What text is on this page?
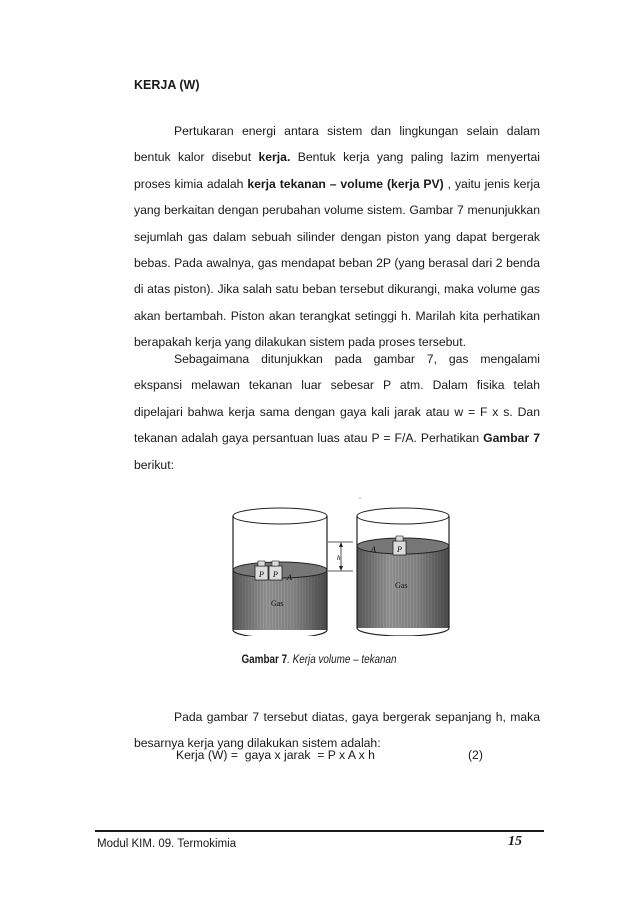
KERJA (W)

Pertukaran energi antara sistem dan lingkungan selain dalam bentuk kalor disebut kerja. Bentuk kerja yang paling lazim menyertai proses kimia adalah kerja tekanan – volume (kerja PV) , yaitu jenis kerja yang berkaitan dengan perubahan volume sistem. Gambar 7 menunjukkan sejumlah gas dalam sebuah silinder dengan piston yang dapat bergerak bebas. Pada awalnya, gas mendapat beban 2P (yang berasal dari 2 benda di atas piston). Jika salah satu beban tersebut dikurangi, maka volume gas akan bertambah. Piston akan terangkat setinggi h. Marilah kita perhatikan berapakah kerja yang dilakukan sistem pada proses tersebut.

Sebagaimana ditunjukkan pada gambar 7, gas mengalami ekspansi melawan tekanan luar sebesar P atm. Dalam fisika telah dipelajari bahwa kerja sama dengan gaya kali jarak atau w = F x s. Dan tekanan adalah gaya persantuan luas atau P = F/A. Perhatikan Gambar 7 berikut:

P P A
Gas
h
P
A
Gas
Gambar 7. Kerja volume – tekanan

Pada gambar 7 tersebut diatas, gaya bergerak sepanjang h, maka besarnya kerja yang dilakukan sistem adalah:

Kerja (W) =  gaya x jarak  = P x A x h	(2)
Modul KIM. 09. Termokimia	15
